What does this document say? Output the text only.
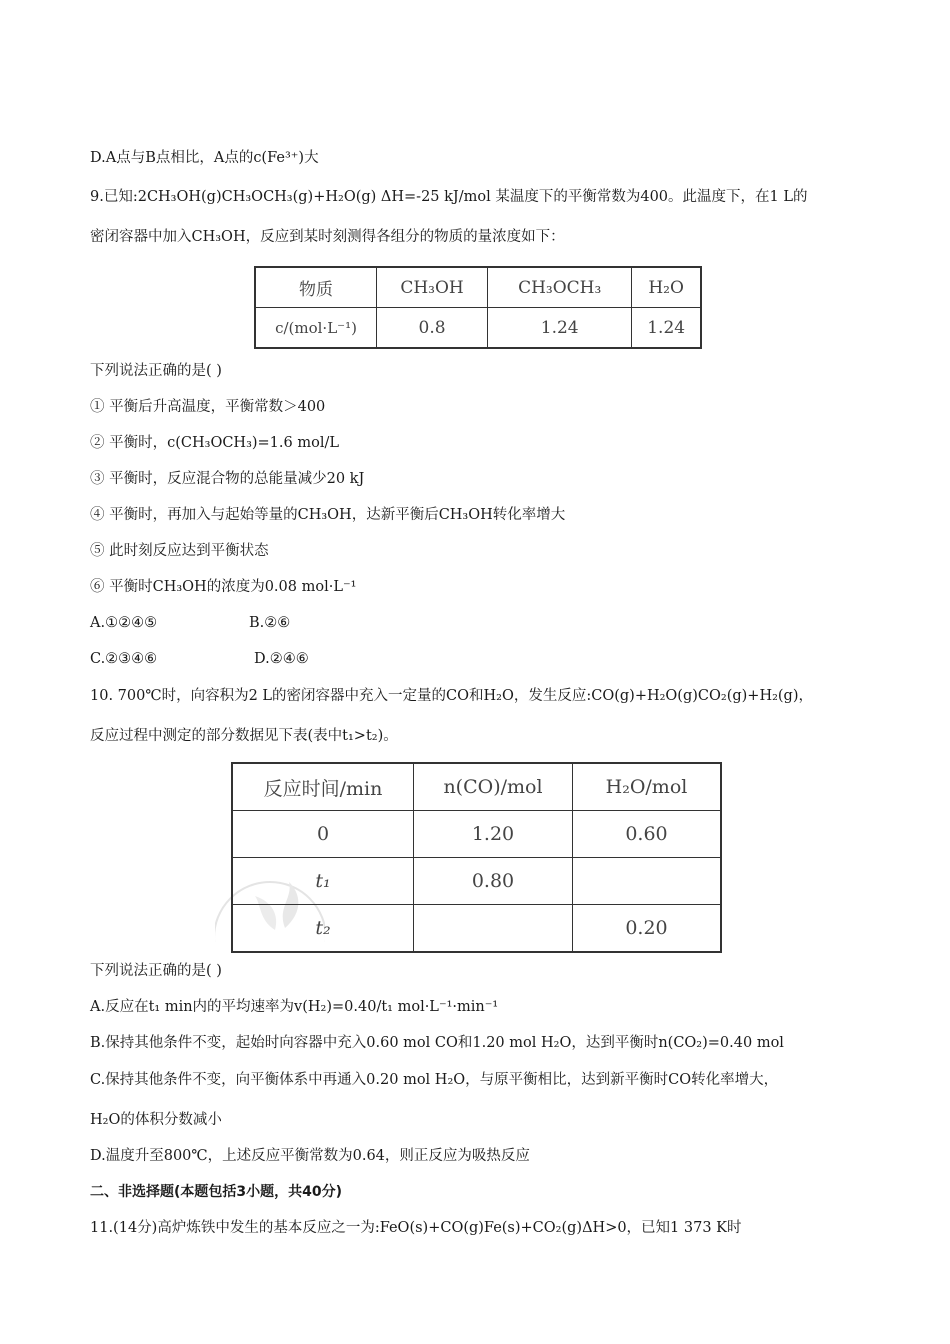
D.A点与B点相比，A点的c(Fe³⁺)大
9.已知:2CH₃OH(g)CH₃OCH₃(g)+H₂O(g) ΔH=-25 kJ/mol 某温度下的平衡常数为400。此温度下，在1 L的
密闭容器中加入CH₃OH，反应到某时刻测得各组分的物质的量浓度如下：
物质	CH₃OH	CH₃OCH₃	H₂O
c/(mol·L⁻¹)	0.8	1.24	1.24
下列说法正确的是( )
① 平衡后升高温度，平衡常数＞400
② 平衡时，c(CH₃OCH₃)=1.6 mol/L
③ 平衡时，反应混合物的总能量减少20 kJ
④ 平衡时，再加入与起始等量的CH₃OH，达新平衡后CH₃OH转化率增大
⑤ 此时刻反应达到平衡状态
⑥ 平衡时CH₃OH的浓度为0.08 mol·L⁻¹
A.①②④⑤	B.②⑥
C.②③④⑥	D.②④⑥
10. 700℃时，向容积为2 L的密闭容器中充入一定量的CO和H₂O，发生反应:CO(g)+H₂O(g)CO₂(g)+H₂(g)，
反应过程中测定的部分数据见下表(表中t₁>t₂)。
反应时间/min	n(CO)/mol	H₂O/mol
0	1.20	0.60
t₁	0.80	
t₂		0.20
下列说法正确的是( )
A.反应在t₁ min内的平均速率为v(H₂)=0.40/t₁ mol·L⁻¹·min⁻¹
B.保持其他条件不变，起始时向容器中充入0.60 mol CO和1.20 mol H₂O，达到平衡时n(CO₂)=0.40 mol
C.保持其他条件不变，向平衡体系中再通入0.20 mol H₂O，与原平衡相比，达到新平衡时CO转化率增大，
H₂O的体积分数减小
D.温度升至800℃，上述反应平衡常数为0.64，则正反应为吸热反应
二、非选择题(本题包括3小题，共40分)
11.(14分)高炉炼铁中发生的基本反应之一为:FeO(s)+CO(g)Fe(s)+CO₂(g)ΔH>0，已知1 373 K时
